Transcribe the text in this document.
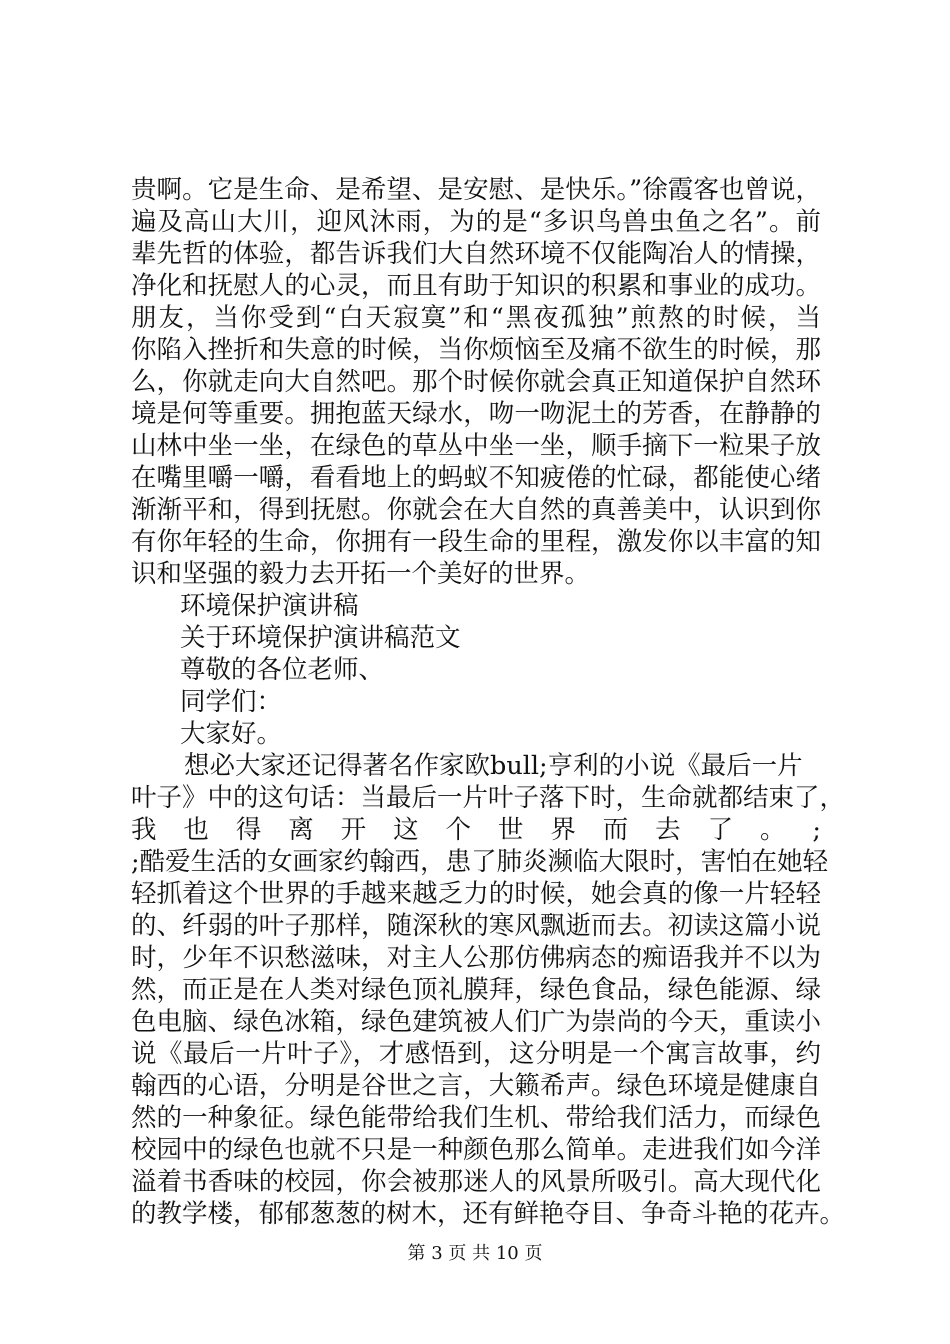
贵啊。它是生命、是希望、是安慰、是快乐。”徐霞客也曾说，
遍及高山大川，迎风沐雨，为的是“多识鸟兽虫鱼之名”。前
辈先哲的体验，都告诉我们大自然环境不仅能陶冶人的情操，
净化和抚慰人的心灵，而且有助于知识的积累和事业的成功。
朋友，当你受到“白天寂寞”和“黑夜孤独”煎熬的时候，当
你陷入挫折和失意的时候，当你烦恼至及痛不欲生的时候，那
么，你就走向大自然吧。那个时候你就会真正知道保护自然环
境是何等重要。拥抱蓝天绿水，吻一吻泥土的芳香，在静静的
山林中坐一坐，在绿色的草丛中坐一坐，顺手摘下一粒果子放
在嘴里嚼一嚼，看看地上的蚂蚁不知疲倦的忙碌，都能使心绪
渐渐平和，得到抚慰。你就会在大自然的真善美中，认识到你
有你年轻的生命，你拥有一段生命的里程，激发你以丰富的知
识和坚强的毅力去开拓一个美好的世界。
环境保护演讲稿
关于环境保护演讲稿范文
尊敬的各位老师、
同学们：
大家好。
想必大家还记得著名作家欧bull;亨利的小说《最后一片
叶子》中的这句话：当最后一片叶子落下时，生命就都结束了，
我 也 得 离 开 这 个 世 界 而 去 了 。 ;
;酷爱生活的女画家约翰西，患了肺炎濒临大限时，害怕在她轻
轻抓着这个世界的手越来越乏力的时候，她会真的像一片轻轻
的、纤弱的叶子那样，随深秋的寒风飘逝而去。初读这篇小说
时，少年不识愁滋味，对主人公那仿佛病态的痴语我并不以为
然，而正是在人类对绿色顶礼膜拜，绿色食品，绿色能源、绿
色电脑、绿色冰箱，绿色建筑被人们广为崇尚的今天，重读小
说《最后一片叶子》，才感悟到，这分明是一个寓言故事，约
翰西的心语，分明是谷世之言，大籁希声。绿色环境是健康自
然的一种象征。绿色能带给我们生机、带给我们活力，而绿色
校园中的绿色也就不只是一种颜色那么简单。走进我们如今洋
溢着书香味的校园，你会被那迷人的风景所吸引。高大现代化
的教学楼，郁郁葱葱的树木，还有鲜艳夺目、争奇斗艳的花卉。
第 3 页 共 10 页
